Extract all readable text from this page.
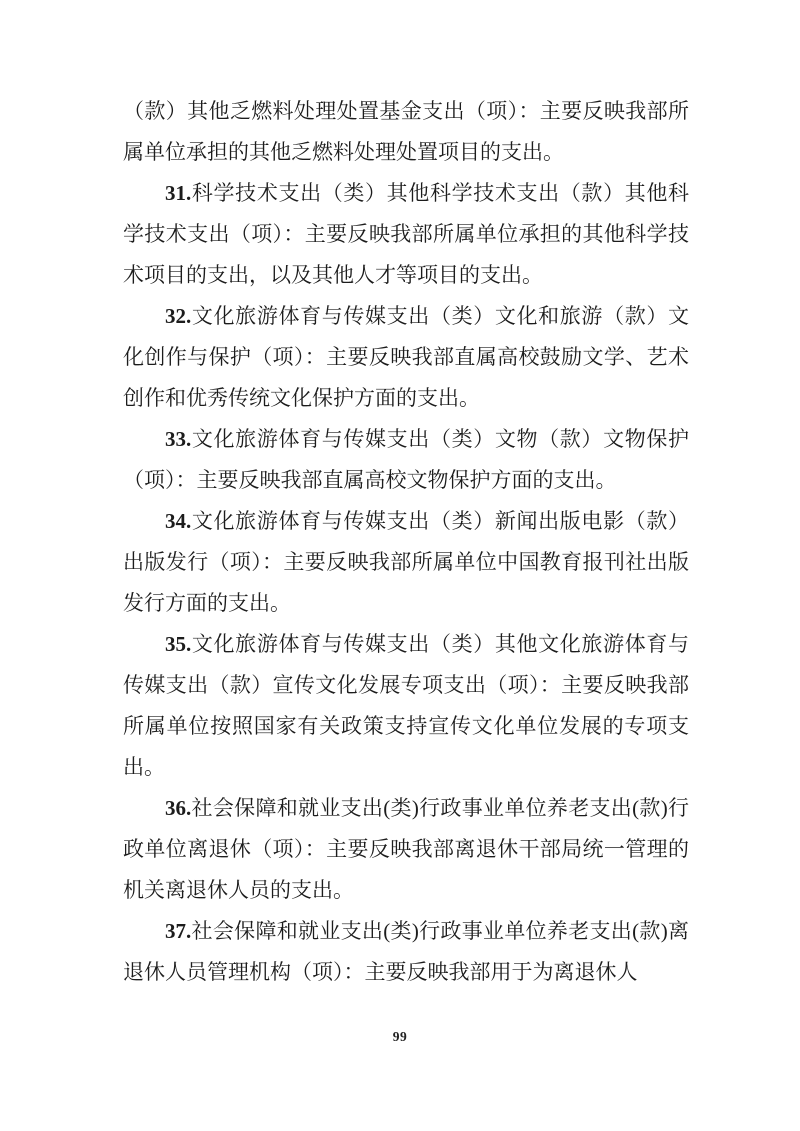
（款）其他乏燃料处理处置基金支出（项）：主要反映我部所属单位承担的其他乏燃料处理处置项目的支出。

31.科学技术支出（类）其他科学技术支出（款）其他科学技术支出（项）：主要反映我部所属单位承担的其他科学技术项目的支出，以及其他人才等项目的支出。

32.文化旅游体育与传媒支出（类）文化和旅游（款）文化创作与保护（项）：主要反映我部直属高校鼓励文学、艺术创作和优秀传统文化保护方面的支出。

33.文化旅游体育与传媒支出（类）文物（款）文物保护（项）：主要反映我部直属高校文物保护方面的支出。

34.文化旅游体育与传媒支出（类）新闻出版电影（款）出版发行（项）：主要反映我部所属单位中国教育报刊社出版发行方面的支出。

35.文化旅游体育与传媒支出（类）其他文化旅游体育与传媒支出（款）宣传文化发展专项支出（项）：主要反映我部所属单位按照国家有关政策支持宣传文化单位发展的专项支出。

36.社会保障和就业支出(类)行政事业单位养老支出(款)行政单位离退休（项）：主要反映我部离退休干部局统一管理的机关离退休人员的支出。

37.社会保障和就业支出(类)行政事业单位养老支出(款)离退休人员管理机构（项）：主要反映我部用于为离退休人

99
